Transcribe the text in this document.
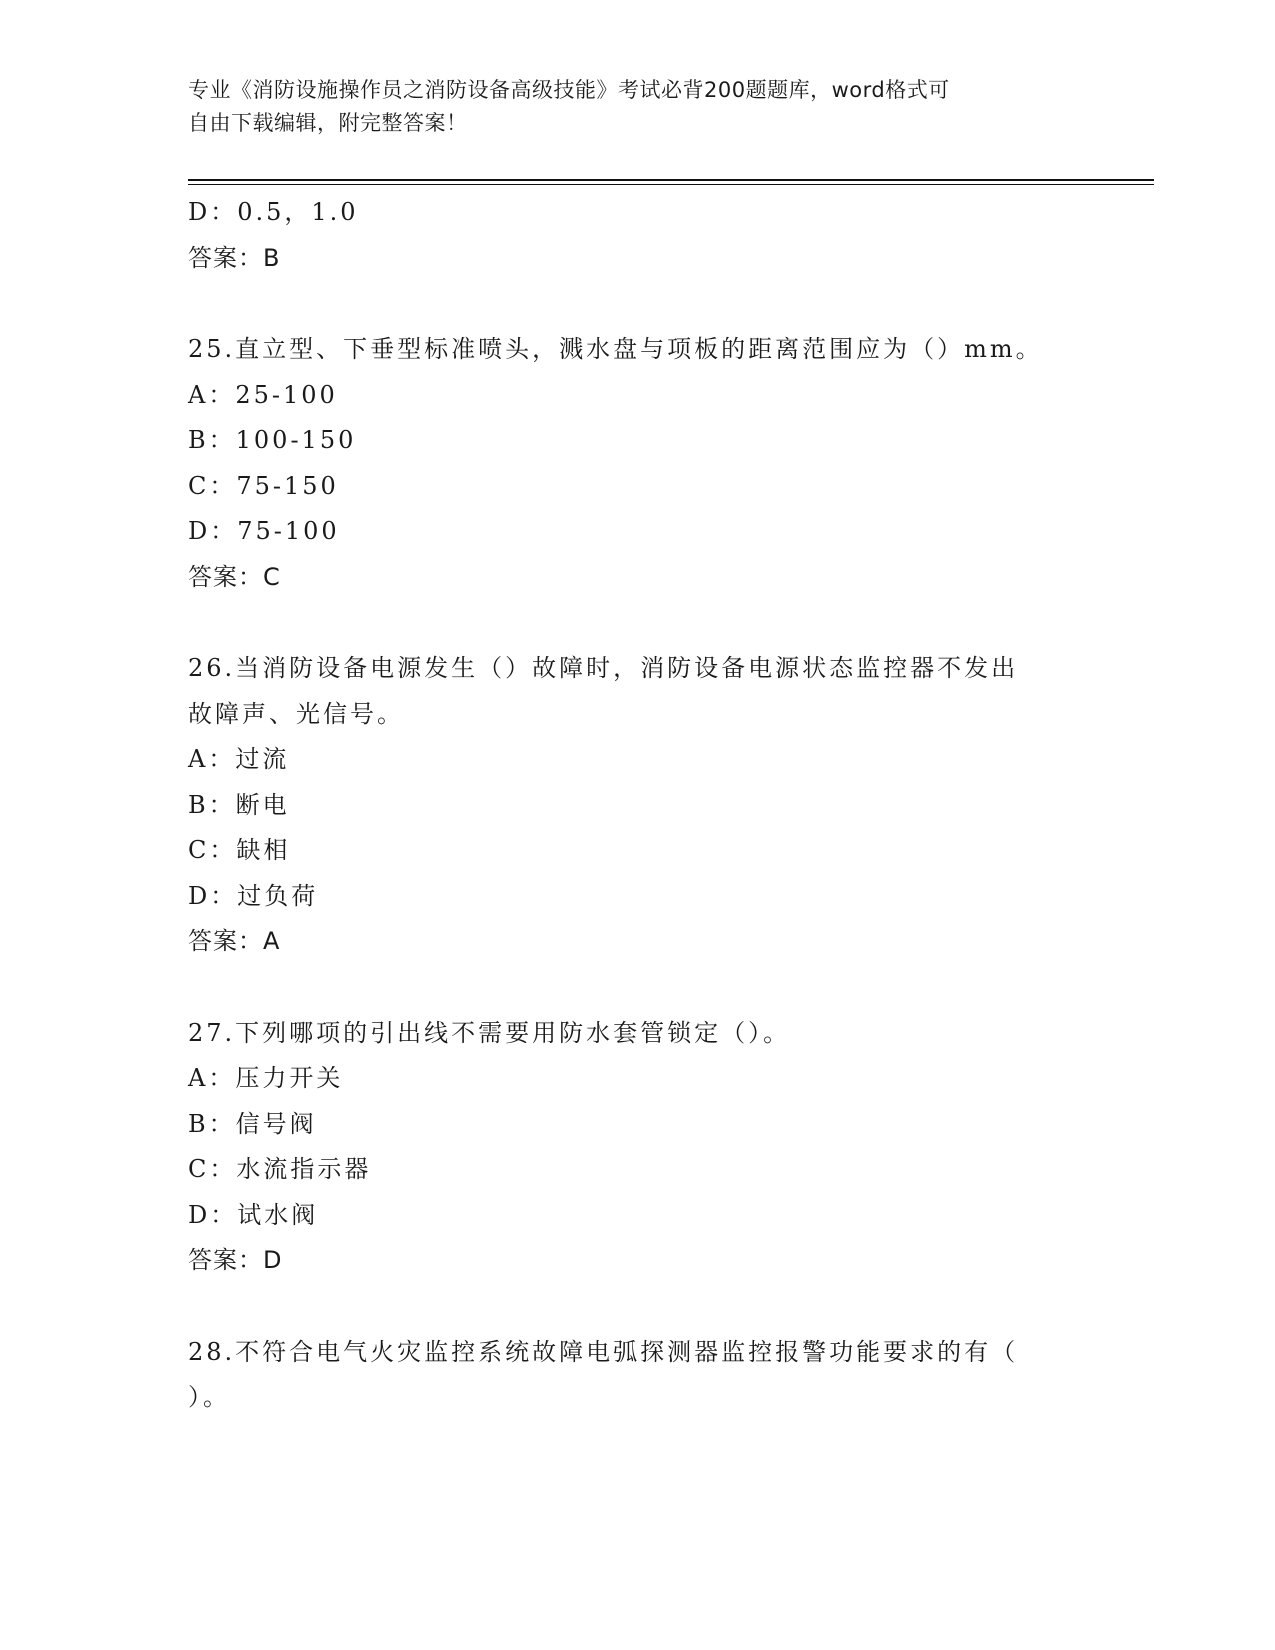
专业《消防设施操作员之消防设备高级技能》考试必背200题题库，word格式可
自由下载编辑，附完整答案！
D：0.5，1.0
答案：B
25.直立型、下垂型标准喷头，溅水盘与项板的距离范围应为（）mm。
A：25-100
B：100-150
C：75-150
D：75-100
答案：C
26.当消防设备电源发生（）故障时，消防设备电源状态监控器不发出
故障声、光信号。
A：过流
B：断电
C：缺相
D：过负荷
答案：A
27.下列哪项的引出线不需要用防水套管锁定（）。
A：压力开关
B：信号阀
C：水流指示器
D：试水阀
答案：D
28.不符合电气火灾监控系统故障电弧探测器监控报警功能要求的有（
）。
